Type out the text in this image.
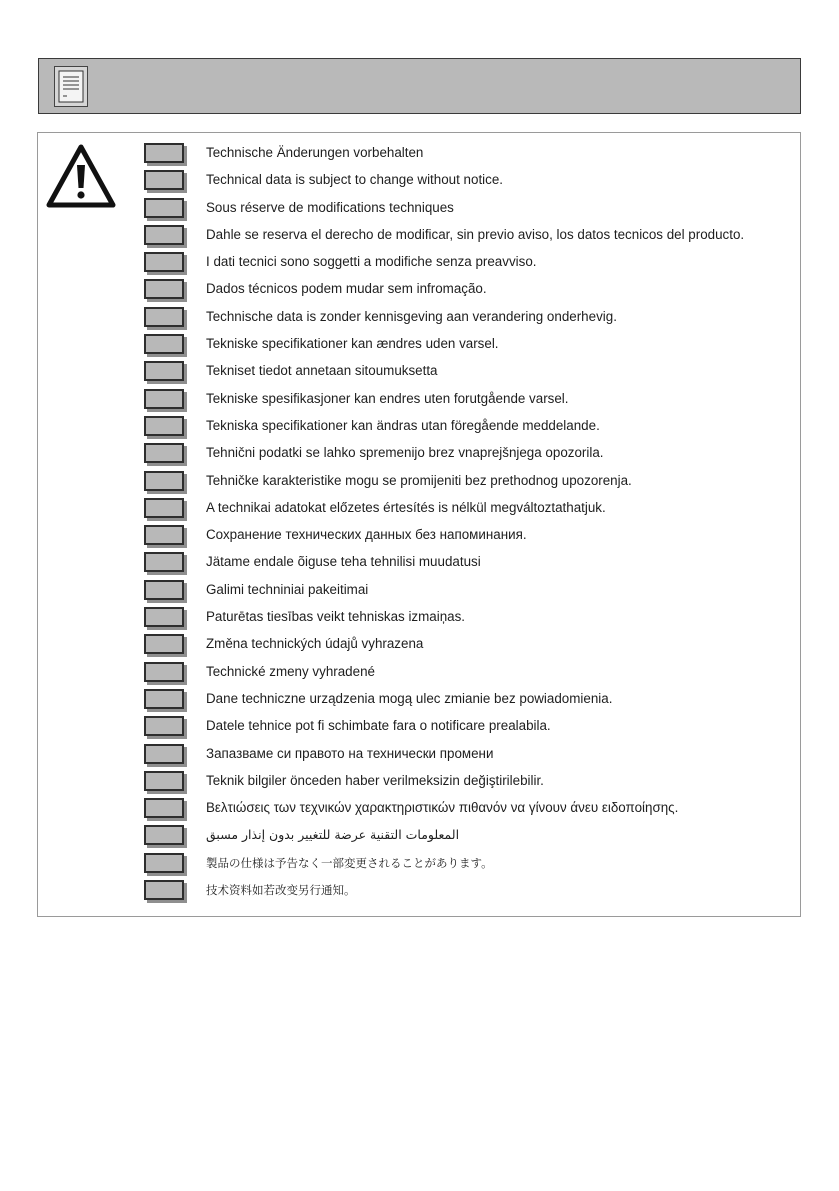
Technische Änderungen vorbehalten
Technical data is subject to change without notice.
Sous réserve de modifications techniques
Dahle se reserva el derecho de modificar, sin previo aviso, los datos tecnicos del producto.
I dati tecnici sono soggetti a modifiche senza preavviso.
Dados técnicos podem mudar sem infromação.
Technische data is zonder kennisgeving aan verandering onderhevig.
Tekniske specifikationer kan ændres uden varsel.
Tekniset tiedot annetaan sitoumuksetta
Tekniske spesifikasjoner kan endres uten forutgående varsel.
Tekniska specifikationer kan ändras utan föregående meddelande.
Tehnični podatki se lahko spremenijo brez vnaprejšnjega opozorila.
Tehničke karakteristike mogu se promijeniti bez prethodnog upozorenja.
A technikai adatokat előzetes értesítés is nélkül megváltoztathatjuk.
Сохранение технических данных без напоминания.
Jätame endale õiguse teha tehnilisi muudatusi
Galimi techniniai pakeitimai
Paturētas tiesības veikt tehniskas izmaiņas.
Změna technických údajů vyhrazena
Technické zmeny vyhradené
Dane techniczne urządzenia mogą ulec zmianie bez powiadomienia.
Datele tehnice pot fi schimbate fara o notificare prealabila.
Запазваме си правото на технически промени
Teknik bilgiler önceden haber verilmeksizin değiştirilebilir.
Βελτιώσεις των τεχνικών χαρακτηριστικών πιθανόν να γίνουν άνευ ειδοποίησης.
المعلومات التقنية عرضة للتغيير بدون إنذار مسبق
製品の仕様は予告なく一部変更されることがあります。
技术资料如若改变另行通知。
